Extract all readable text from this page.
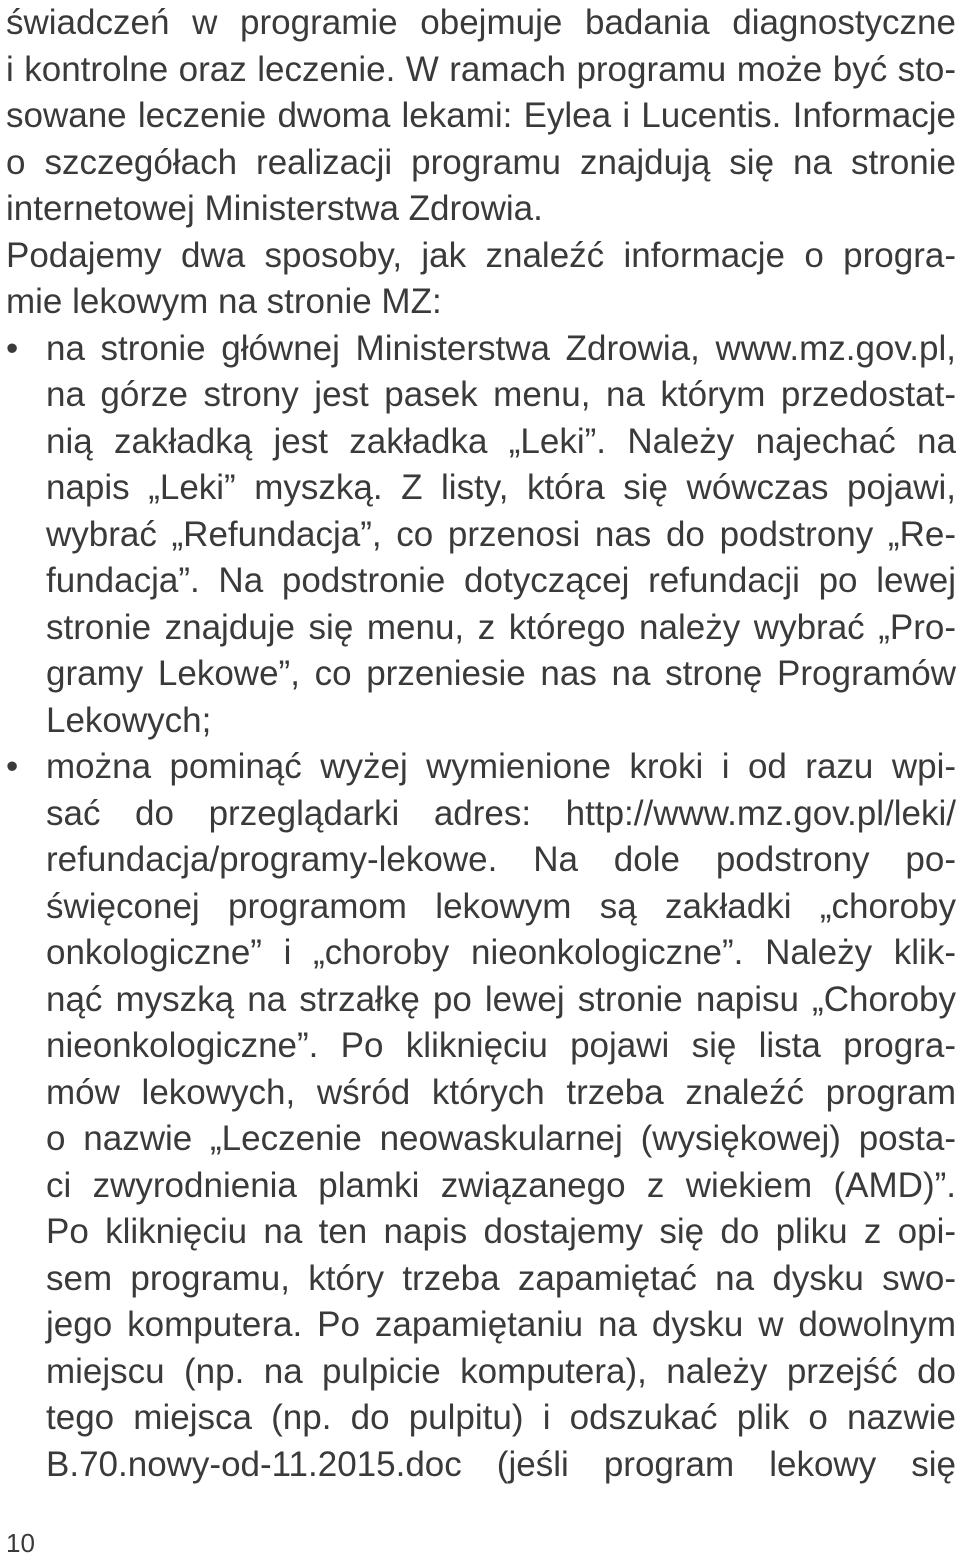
świadczeń w programie obejmuje badania diagnostyczne
i kontrolne oraz leczenie. W ramach programu może być sto-
sowane leczenie dwoma lekami: Eylea i Lucentis. Informacje
o szczegółach realizacji programu znajdują się na stronie
internetowej Ministerstwa Zdrowia.
Podajemy dwa sposoby, jak znaleźć informacje o progra-
mie lekowym na stronie MZ:
• na stronie głównej Ministerstwa Zdrowia, www.mz.gov.pl,
na górze strony jest pasek menu, na którym przedostat-
nią zakładką jest zakładka „Leki”. Należy najechać na
napis „Leki” myszką. Z listy, która się wówczas pojawi,
wybrać „Refundacja”, co przenosi nas do podstrony „Re-
fundacja”. Na podstronie dotyczącej refundacji po lewej
stronie znajduje się menu, z którego należy wybrać „Pro-
gramy Lekowe”, co przeniesie nas na stronę Programów
Lekowych;
• można pominąć wyżej wymienione kroki i od razu wpi-
sać do przeglądarki adres: http://www.mz.gov.pl/leki/
refundacja/programy-lekowe. Na dole podstrony po-
święconej programom lekowym są zakładki „choroby
onkologiczne” i „choroby nieonkologiczne”. Należy klik-
nąć myszką na strzałkę po lewej stronie napisu „Choroby
nieonkologiczne”. Po kliknięciu pojawi się lista progra-
mów lekowych, wśród których trzeba znaleźć program
o nazwie „Leczenie neowaskularnej (wysiękowej) posta-
ci zwyrodnienia plamki związanego z wiekiem (AMD)”.
Po kliknięciu na ten napis dostajemy się do pliku z opi-
sem programu, który trzeba zapamiętać na dysku swo-
jego komputera. Po zapamiętaniu na dysku w dowolnym
miejscu (np. na pulpicie komputera), należy przejść do
tego miejsca (np. do pulpitu) i odszukać plik o nazwie
B.70.nowy-od-11.2015.doc (jeśli program lekowy się
10
